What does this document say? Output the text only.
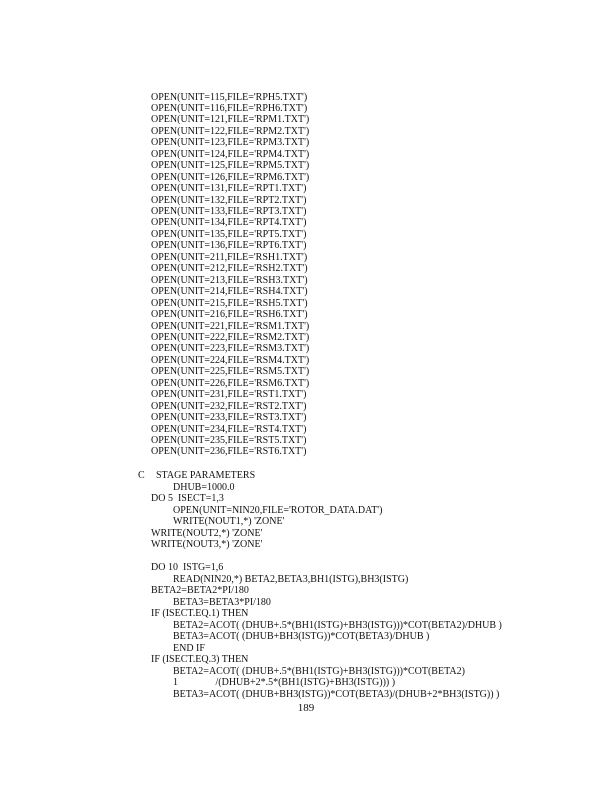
OPEN(UNIT=115,FILE='RPH5.TXT')
OPEN(UNIT=116,FILE='RPH6.TXT')
OPEN(UNIT=121,FILE='RPM1.TXT')
OPEN(UNIT=122,FILE='RPM2.TXT')
OPEN(UNIT=123,FILE='RPM3.TXT')
OPEN(UNIT=124,FILE='RPM4.TXT')
OPEN(UNIT=125,FILE='RPM5.TXT')
OPEN(UNIT=126,FILE='RPM6.TXT')
OPEN(UNIT=131,FILE='RPT1.TXT')
OPEN(UNIT=132,FILE='RPT2.TXT')
OPEN(UNIT=133,FILE='RPT3.TXT')
OPEN(UNIT=134,FILE='RPT4.TXT')
OPEN(UNIT=135,FILE='RPT5.TXT')
OPEN(UNIT=136,FILE='RPT6.TXT')
OPEN(UNIT=211,FILE='RSH1.TXT')
OPEN(UNIT=212,FILE='RSH2.TXT')
OPEN(UNIT=213,FILE='RSH3.TXT')
OPEN(UNIT=214,FILE='RSH4.TXT')
OPEN(UNIT=215,FILE='RSH5.TXT')
OPEN(UNIT=216,FILE='RSH6.TXT')
OPEN(UNIT=221,FILE='RSM1.TXT')
OPEN(UNIT=222,FILE='RSM2.TXT')
OPEN(UNIT=223,FILE='RSM3.TXT')
OPEN(UNIT=224,FILE='RSM4.TXT')
OPEN(UNIT=225,FILE='RSM5.TXT')
OPEN(UNIT=226,FILE='RSM6.TXT')
OPEN(UNIT=231,FILE='RST1.TXT')
OPEN(UNIT=232,FILE='RST2.TXT')
OPEN(UNIT=233,FILE='RST3.TXT')
OPEN(UNIT=234,FILE='RST4.TXT')
OPEN(UNIT=235,FILE='RST5.TXT')
OPEN(UNIT=236,FILE='RST6.TXT')
C STAGE PARAMETERS
DHUB=1000.0
DO 5  ISECT=1,3
OPEN(UNIT=NIN20,FILE='ROTOR_DATA.DAT')
WRITE(NOUT1,*) 'ZONE'
WRITE(NOUT2,*) 'ZONE'
WRITE(NOUT3,*) 'ZONE'
DO 10  ISTG=1,6
READ(NIN20,*) BETA2,BETA3,BH1(ISTG),BH3(ISTG)
BETA2=BETA2*PI/180
BETA3=BETA3*PI/180
IF (ISECT.EQ.1) THEN
BETA2=ACOT( (DHUB+.5*(BH1(ISTG)+BH3(ISTG)))*COT(BETA2)/DHUB )
BETA3=ACOT( (DHUB+BH3(ISTG))*COT(BETA3)/DHUB )
END IF
IF (ISECT.EQ.3) THEN
BETA2=ACOT( (DHUB+.5*(BH1(ISTG)+BH3(ISTG)))*COT(BETA2)
1               /(DHUB+2*.5*(BH1(ISTG)+BH3(ISTG))) )
BETA3=ACOT( (DHUB+BH3(ISTG))*COT(BETA3)/(DHUB+2*BH3(ISTG)) )
189
